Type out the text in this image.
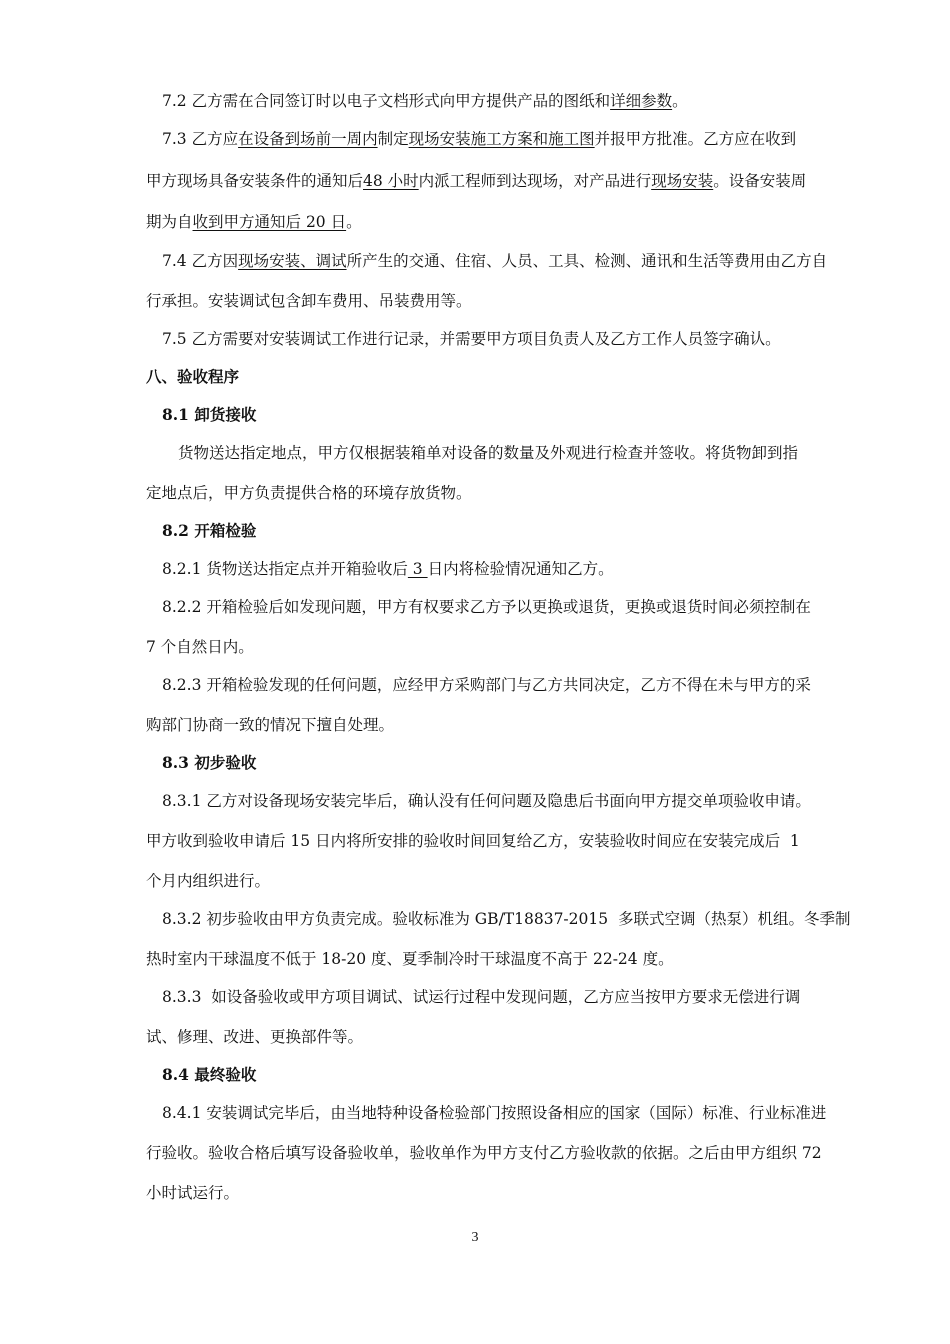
7.2 乙方需在合同签订时以电子文档形式向甲方提供产品的图纸和详细参数。
7.3 乙方应在设备到场前一周内制定现场安装施工方案和施工图并报甲方批准。乙方应在收到
甲方现场具备安装条件的通知后48 小时内派工程师到达现场，对产品进行现场安装。设备安装周
期为自收到甲方通知后 20 日。
7.4 乙方因现场安装、调试所产生的交通、住宿、人员、工具、检测、通讯和生活等费用由乙方自
行承担。安装调试包含卸车费用、吊装费用等。
7.5 乙方需要对安装调试工作进行记录，并需要甲方项目负责人及乙方工作人员签字确认。
八、验收程序
8.1 卸货接收
货物送达指定地点，甲方仅根据装箱单对设备的数量及外观进行检查并签收。将货物卸到指
定地点后，甲方负责提供合格的环境存放货物。
8.2 开箱检验
8.2.1 货物送达指定点并开箱验收后 3 日内将检验情况通知乙方。
8.2.2 开箱检验后如发现问题，甲方有权要求乙方予以更换或退货，更换或退货时间必须控制在
7 个自然日内。
8.2.3 开箱检验发现的任何问题，应经甲方采购部门与乙方共同决定，乙方不得在未与甲方的采
购部门协商一致的情况下擅自处理。
8.3 初步验收
8.3.1 乙方对设备现场安装完毕后，确认没有任何问题及隐患后书面向甲方提交单项验收申请。
甲方收到验收申请后 15 日内将所安排的验收时间回复给乙方，安装验收时间应在安装完成后  1
个月内组织进行。
8.3.2 初步验收由甲方负责完成。验收标准为 GB/T18837-2015  多联式空调（热泵）机组。冬季制
热时室内干球温度不低于 18-20 度、夏季制冷时干球温度不高于 22-24 度。
8.3.3  如设备验收或甲方项目调试、试运行过程中发现问题，乙方应当按甲方要求无偿进行调
试、修理、改进、更换部件等。
8.4 最终验收
8.4.1 安装调试完毕后，由当地特种设备检验部门按照设备相应的国家（国际）标准、行业标准进
行验收。验收合格后填写设备验收单，验收单作为甲方支付乙方验收款的依据。之后由甲方组织 72
小时试运行。
3
